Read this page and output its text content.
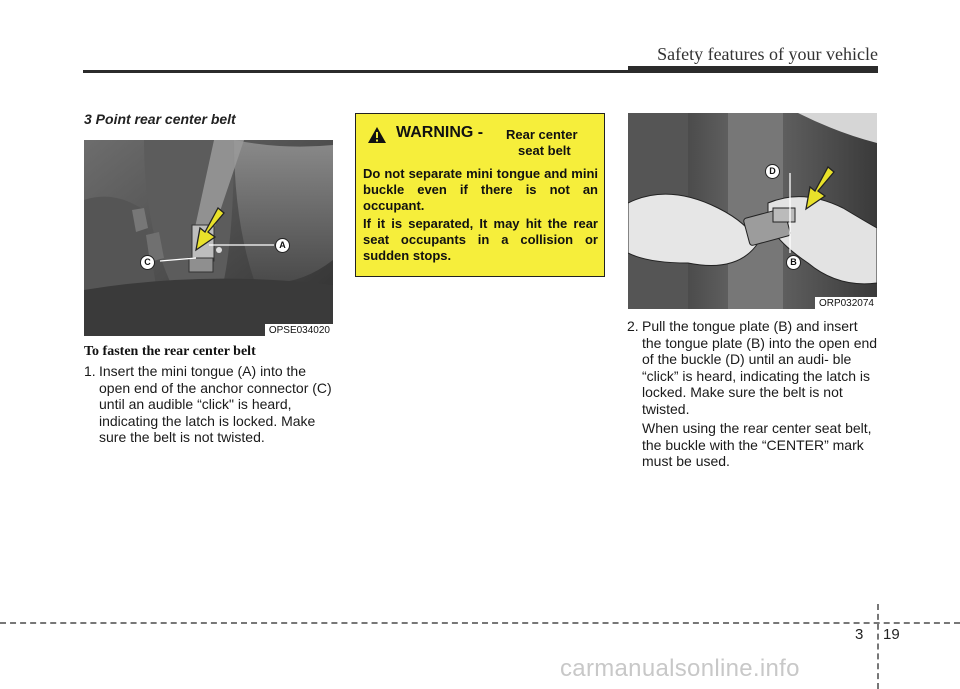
Safety features of your vehicle
3 Point rear center belt
A
C
OPSE034020
To fasten the rear center belt
1. Insert the mini tongue (A) into the open end of the anchor connector (C) until an audible “click" is heard, indicating the latch is locked. Make sure the belt is not twisted.
WARNING - Rear center
seat belt

Do not separate mini tongue and mini buckle even if there is not an occupant.

If it is separated, It may hit the rear seat occupants in a collision or sudden stops.

D
B
ORP032074
2. Pull the tongue plate (B) and insert the tongue plate (B) into the open end of the buckle (D) until an audi- ble “click” is heard, indicating the latch is locked. Make sure the belt is not twisted.
When using the rear center seat belt, the buckle with the “CENTER” mark must be used.
3 19
carmanualsonline.info
